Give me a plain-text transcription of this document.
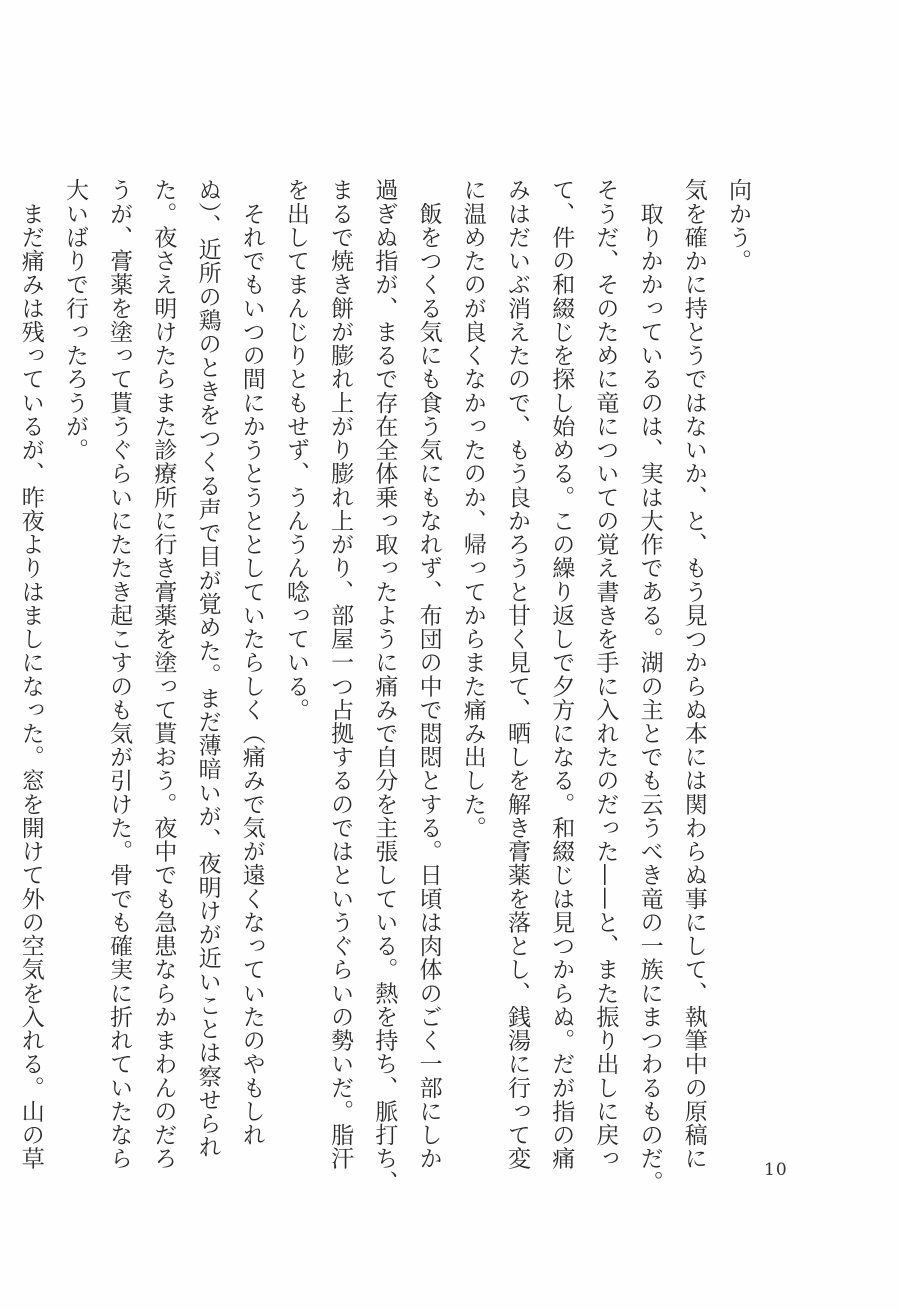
向かう。

気を確かに持とうではないか、と、もう見つからぬ本には関わらぬ事にして、執筆中の原稿に

　取りかかっているのは、実は大作である。湖の主とでも云うべき竜の一族にまつわるものだ。

そうだ、そのために竜についての覚え書きを手に入れたのだった——と、また振り出しに戻っ

て、件の和綴じを探し始める。この繰り返しで夕方になる。和綴じは見つからぬ。だが指の痛

みはだいぶ消えたので、もう良かろうと甘く見て、晒しを解き膏薬を落とし、銭湯に行って変

に温めたのが良くなかったのか、帰ってからまた痛み出した。

　飯をつくる気にも食う気にもなれず、布団の中で悶悶とする。日頃は肉体のごく一部にしか

過ぎぬ指が、まるで存在全体乗っ取ったように痛みで自分を主張している。熱を持ち、脈打ち、

まるで焼き餅が膨れ上がり膨れ上がり、部屋一つ占拠するのではというぐらいの勢いだ。脂汗

を出してまんじりともせず、うんうん唸っている。

　それでもいつの間にかうとうととしていたらしく（痛みで気が遠くなっていたのやもしれ

ぬ）、近所の鶏のときをつくる声で目が覚めた。まだ薄暗いが、夜明けが近いことは察せられ

た。夜さえ明けたらまた診療所に行き膏薬を塗って貰おう。夜中でも急患ならかまわんのだろ

うが、膏薬を塗って貰うぐらいにたたき起こすのも気が引けた。骨でも確実に折れていたなら

大いばりで行ったろうが。

　まだ痛みは残っているが、昨夜よりはましになった。窓を開けて外の空気を入れる。山の草	10
